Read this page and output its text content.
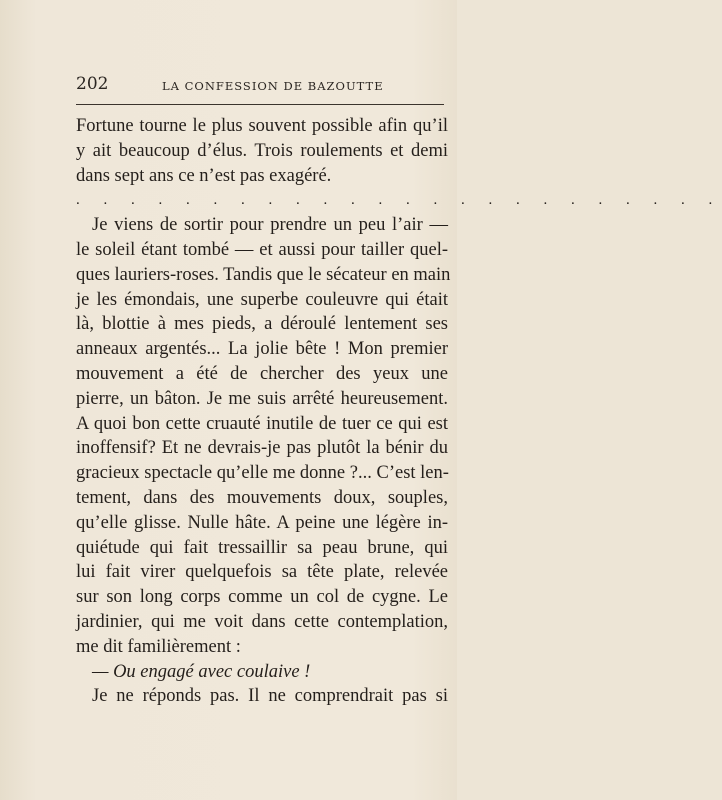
202	LA CONFESSION DE BAZOUTTE
Fortune tourne le plus souvent possible afin qu’il
y ait beaucoup d’élus. Trois roulements et demi
dans sept ans ce n’est pas exagéré.
. . . . . . . . . . . . . . . . . . . . . . . .
Je viens de sortir pour prendre un peu l’air —
le soleil étant tombé — et aussi pour tailler quel-
ques lauriers-roses. Tandis que le sécateur en main
je les émondais, une superbe couleuvre qui était
là, blottie à mes pieds, a déroulé lentement ses
anneaux argentés... La jolie bête ! Mon premier
mouvement a été de chercher des yeux une
pierre, un bâton. Je me suis arrêté heureusement.
A quoi bon cette cruauté inutile de tuer ce qui est
inoffensif? Et ne devrais-je pas plutôt la bénir du
gracieux spectacle qu’elle me donne ?... C’est len-
tement, dans des mouvements doux, souples,
qu’elle glisse. Nulle hâte. A peine une légère in-
quiétude qui fait tressaillir sa peau brune, qui
lui fait virer quelquefois sa tête plate, relevée
sur son long corps comme un col de cygne. Le
jardinier, qui me voit dans cette contemplation,
me dit familièrement :
— Ou engagé avec coulaive !
Je ne réponds pas. Il ne comprendrait pas si
